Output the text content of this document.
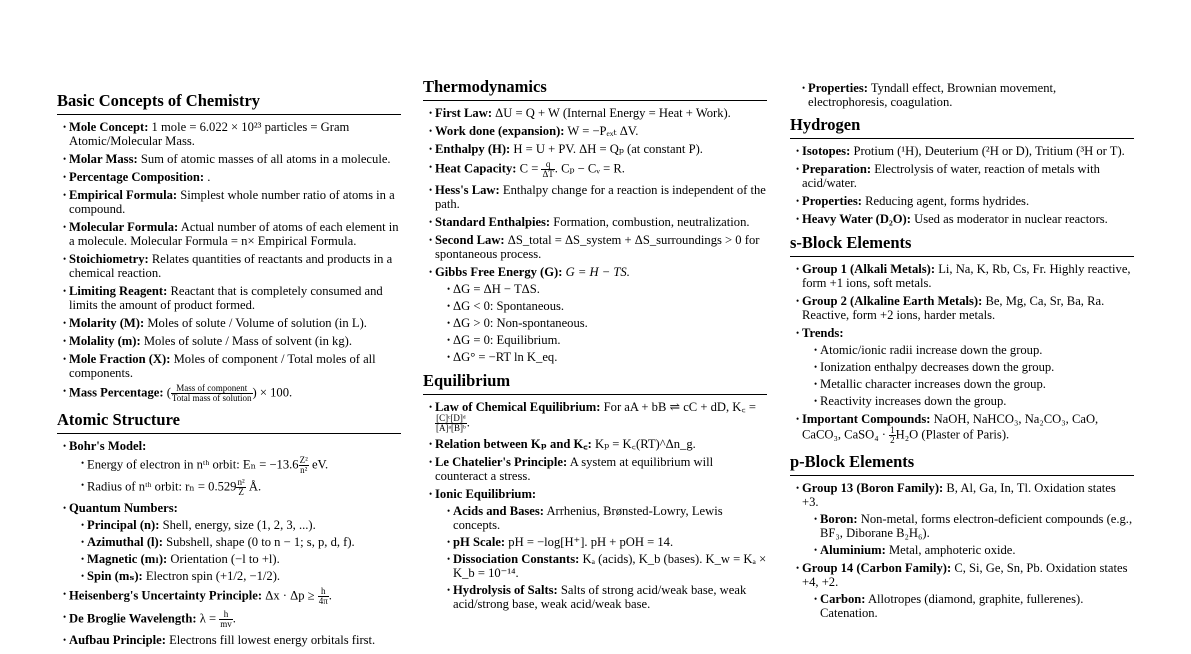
Basic Concepts of Chemistry
• Mole Concept: 1 mole = 6.022 × 10²³ particles = Gram Atomic/Molecular Mass.
• Molar Mass: Sum of atomic masses of all atoms in a molecule.
• Percentage Composition: .
• Empirical Formula: Simplest whole number ratio of atoms in a compound.
• Molecular Formula: Actual number of atoms of each element in a molecule. Molecular Formula = n× Empirical Formula.
• Stoichiometry: Relates quantities of reactants and products in a chemical reaction.
• Limiting Reagent: Reactant that is completely consumed and limits the amount of product formed.
• Molarity (M): Moles of solute / Volume of solution (in L).
• Molality (m): Moles of solute / Mass of solvent (in kg).
• Mole Fraction (X): Moles of component / Total moles of all components.
• Mass Percentage: ( $\frac{\text{Mass of component}}{\text{Total mass of solution}}$ ) × 100.
Atomic Structure
• Bohr's Model:
• Energy of electron in nᵗʰ orbit: $E_n = -13.6 \frac{\text{Z²}}{\text{n²}}$ eV.
• Radius of nᵗʰ orbit: $r_n = 0.529 \frac{\text{n²}}{Z}$ Å.
• Quantum Numbers:
• Principal (n): Shell, energy, size (1, 2, 3, ...).
• Azimuthal (l): Subshell, shape (0 to n − 1; s, p, d, f).
• Magnetic (mₗ): Orientation (−l to +l).
• Spin (mₛ): Electron spin (+1/2, −1/2).
• Heisenberg's Uncertainty Principle: $\Delta x \cdot \Delta p \ge \frac{h}{4\pi}$ .
• De Broglie Wavelength: $\lambda = \frac{h}{mv}$ .
• Aufbau Principle: Electrons fill lowest energy orbitals first.
Thermodynamics
• First Law: ΔU = Q + W (Internal Energy = Heat + Work).
• Work done (expansion): W = −Pₑₓₜ ΔV.
• Enthalpy (H): H = U + PV. ΔH = Qₚ (at constant P).
• Heat Capacity: $C = \frac{q}{\Delta T}$ . Cₚ − Cᵥ = R.
• Hess's Law: Enthalpy change for a reaction is independent of the path.
• Standard Enthalpies: Formation, combustion, neutralization.
• Second Law: ΔS_total = ΔS_system + ΔS_surroundings > 0 for spontaneous process.
• Gibbs Free Energy (G): G = H − TS.
• ΔG = ΔH − TΔS.
• ΔG < 0: Spontaneous.
• ΔG > 0: Non-spontaneous.
• ΔG = 0: Equilibrium.
• ΔG° = −RT ln K_eq.
Equilibrium
• Law of Chemical Equilibrium: For aA + bB ⇌ cC + dD, K꜀ =
$\frac{\text{[C]ᶜ[D]ᵈ}}{\text{[A]ᵃ[B]ᵇ}}$ .
• Relation between Kₚ and K꜀: Kₚ = K꜀(RT)^Δn_g.
• Le Chatelier's Principle: A system at equilibrium will counteract a stress.
• Ionic Equilibrium:
• Acids and Bases: Arrhenius, Brønsted-Lowry, Lewis concepts.
• pH Scale: pH = −log[H⁺]. pH + pOH = 14.
• Dissociation Constants: Kₐ (acids), K_b (bases). K_w = Kₐ × K_b = 10⁻¹⁴.
• Hydrolysis of Salts: Salts of strong acid/weak base, weak acid/strong base, weak acid/weak base.
• Properties: Tyndall effect, Brownian movement, electrophoresis, coagulation.
Hydrogen
• Isotopes: Protium (¹H), Deuterium (²H or D), Tritium (³H or T).
• Preparation: Electrolysis of water, reaction of metals with acid/water.
• Properties: Reducing agent, forms hydrides.
• Heavy Water (D₂O): Used as moderator in nuclear reactors.
s-Block Elements
• Group 1 (Alkali Metals): Li, Na, K, Rb, Cs, Fr. Highly reactive, form +1 ions, soft metals.
• Group 2 (Alkaline Earth Metals): Be, Mg, Ca, Sr, Ba, Ra. Reactive, form +2 ions, harder metals.
• Trends:
• Atomic/ionic radii increase down the group.
• Ionization enthalpy decreases down the group.
• Metallic character increases down the group.
• Reactivity increases down the group.
• Important Compounds: NaOH, NaHCO₃, Na₂CO₃, CaO, CaCO₃, CaSO₄ · $\frac{1}{2} H_2O$ (Plaster of Paris).
p-Block Elements
• Group 13 (Boron Family): B, Al, Ga, In, Tl. Oxidation states +3.
• Boron: Non-metal, forms electron-deficient compounds (e.g., BF₃, Diborane B₂H₆).
• Aluminium: Metal, amphoteric oxide.
• Group 14 (Carbon Family): C, Si, Ge, Sn, Pb. Oxidation states +4, +2.
• Carbon: Allotropes (diamond, graphite, fullerenes). Catenation.
